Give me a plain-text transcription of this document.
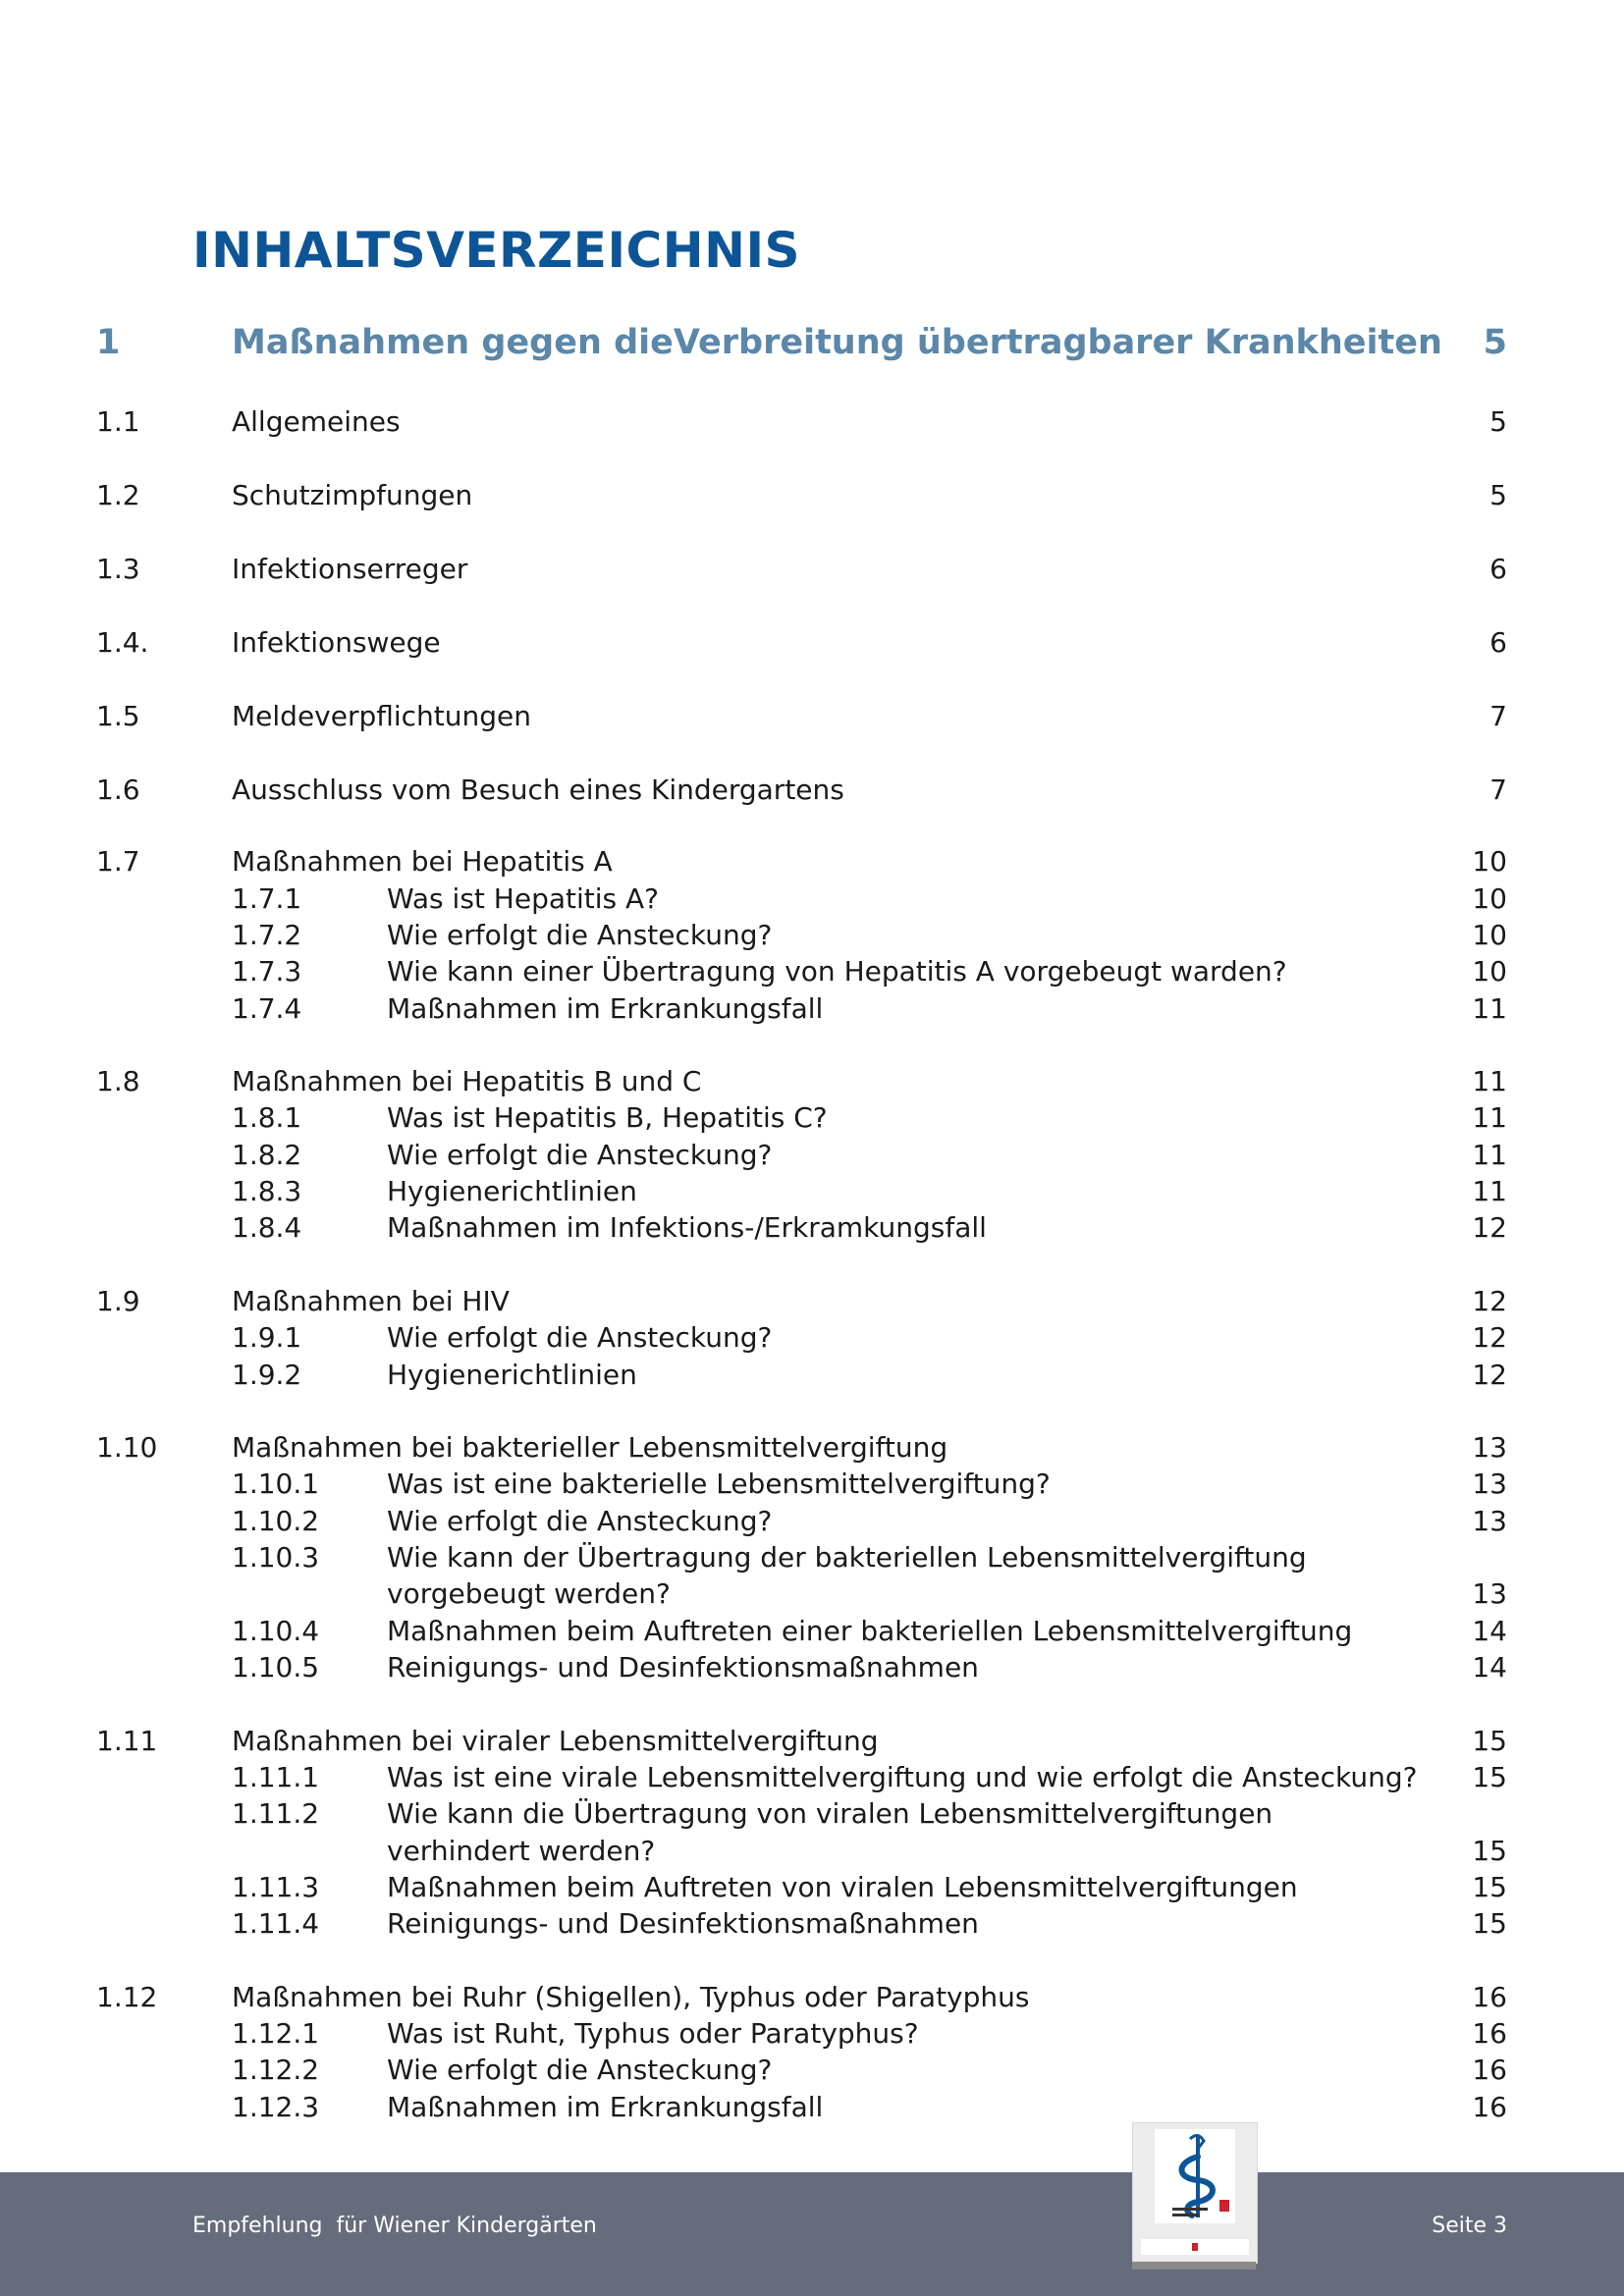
INHALTSVERZEICHNIS
1	Maßnahmen gegen dieVerbreitung übertragbarer Krankheiten 5
1.1	Allgemeines	5
1.2	Schutzimpfungen	5
1.3	Infektionserreger	6
1.4.	Infektionswege	6
1.5	Meldeverpflichtungen	7
1.6	Ausschluss vom Besuch eines Kindergartens	7
1.7	Maßnahmen bei Hepatitis A	10
1.7.1	Was ist Hepatitis A?	10
1.7.2	Wie erfolgt die Ansteckung?	10
1.7.3	Wie kann einer Übertragung von Hepatitis A vorgebeugt warden?	10
1.7.4	Maßnahmen im Erkrankungsfall	11
1.8	Maßnahmen bei Hepatitis B und C	11
1.8.1	Was ist Hepatitis B, Hepatitis C?	11
1.8.2	Wie erfolgt die Ansteckung?	11
1.8.3	Hygienerichtlinien	11
1.8.4	Maßnahmen im Infektions-/Erkramkungsfall	12
1.9	Maßnahmen bei HIV	12
1.9.1	Wie erfolgt die Ansteckung?	12
1.9.2	Hygienerichtlinien	12
1.10	Maßnahmen bei bakterieller Lebensmittelvergiftung	13
1.10.1 Was ist eine bakterielle Lebensmittelvergiftung?	13
1.10.2 Wie erfolgt die Ansteckung?	13
1.10.3 Wie kann der Übertragung der bakteriellen Lebensmittelvergiftung
vorgebeugt werden?	13
1.10.4 Maßnahmen beim Auftreten einer bakteriellen Lebensmittelvergiftung	14
1.10.5 Reinigungs- und Desinfektionsmaßnahmen	14
1.11	Maßnahmen bei viraler Lebensmittelvergiftung	15
1.11.1 Was ist eine virale Lebensmittelvergiftung und wie erfolgt die Ansteckung? 15
1.11.2 Wie kann die Übertragung von viralen Lebensmittelvergiftungen
verhindert werden?	15
1.11.3 Maßnahmen beim Auftreten von viralen Lebensmittelvergiftungen	15
1.11.4 Reinigungs- und Desinfektionsmaßnahmen	15
1.12	Maßnahmen bei Ruhr (Shigellen), Typhus oder Paratyphus	16
1.12.1 Was ist Ruht, Typhus oder Paratyphus?	16
1.12.2 Wie erfolgt die Ansteckung?	16
1.12.3 Maßnahmen im Erkrankungsfall	16
Empfehlung  für Wiener Kindergärten	Seite 3
